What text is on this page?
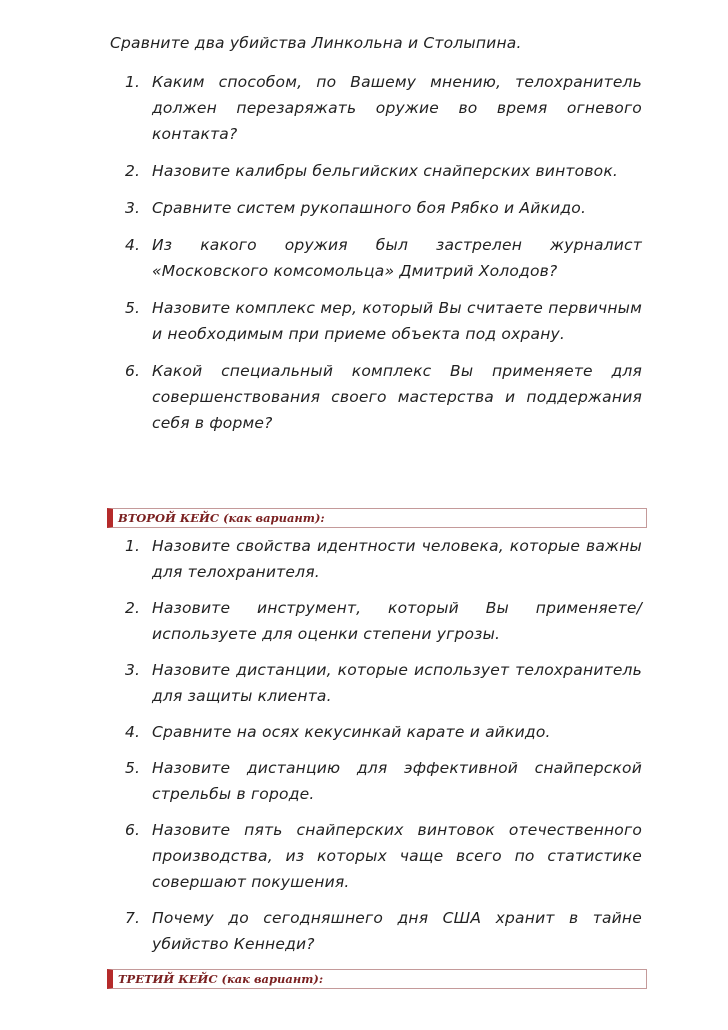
Сравните два убийства Линкольна и Столыпина.
1. Каким способом, по Вашему мнению, телохранитель должен перезаряжать оружие во время огневого контакта?
2. Назовите калибры бельгийских снайперских винтовок.
3. Сравните систем рукопашного боя Рябко и Айкидо.
4. Из какого оружия был застрелен журналист «Московского комсомольца» Дмитрий Холодов?
5. Назовите комплекс мер, который Вы считаете первичным и необходимым при приеме объекта под охрану.
6. Какой специальный комплекс Вы применяете для совершенствования своего мастерства и поддержания себя в форме?
ВТОРОЙ КЕЙС (как вариант):
1. Назовите свойства идентности человека, которые важны для телохранителя.
2. Назовите инструмент, который Вы применяете/ используете для оценки степени угрозы.
3. Назовите дистанции, которые использует телохранитель для защиты клиента.
4. Сравните на осях кекусинкай карате и айкидо.
5. Назовите дистанцию для эффективной снайперской стрельбы в городе.
6. Назовите пять снайперских винтовок отечественного производства, из которых чаще всего по статистике совершают покушения.
7. Почему до сегодняшнего дня США хранит в тайне убийство Кеннеди?
ТРЕТИЙ КЕЙС (как вариант):
